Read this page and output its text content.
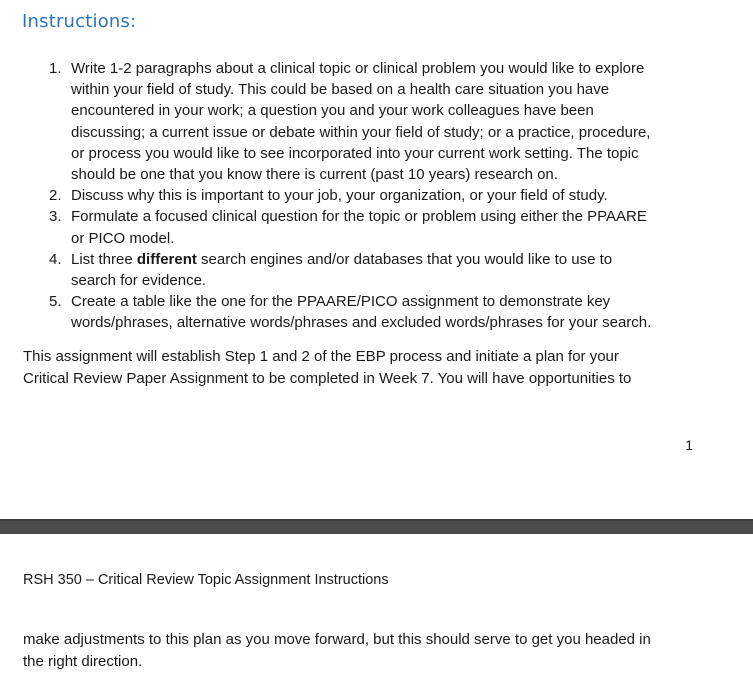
Instructions:
1. Write 1-2 paragraphs about a clinical topic or clinical problem you would like to explore
within your field of study. This could be based on a health care situation you have
encountered in your work; a question you and your work colleagues have been
discussing; a current issue or debate within your field of study; or a practice, procedure,
or process you would like to see incorporated into your current work setting. The topic
should be one that you know there is current (past 10 years) research on.
2. Discuss why this is important to your job, your organization, or your field of study.
3. Formulate a focused clinical question for the topic or problem using either the PPAARE
or PICO model.
4. List three different search engines and/or databases that you would like to use to
search for evidence.
5. Create a table like the one for the PPAARE/PICO assignment to demonstrate key
words/phrases, alternative words/phrases and excluded words/phrases for your search.

This assignment will establish Step 1 and 2 of the EBP process and initiate a plan for your
Critical Review Paper Assignment to be completed in Week 7. You will have opportunities to

1

RSH 350 – Critical Review Topic Assignment Instructions

make adjustments to this plan as you move forward, but this should serve to get you headed in
the right direction.
